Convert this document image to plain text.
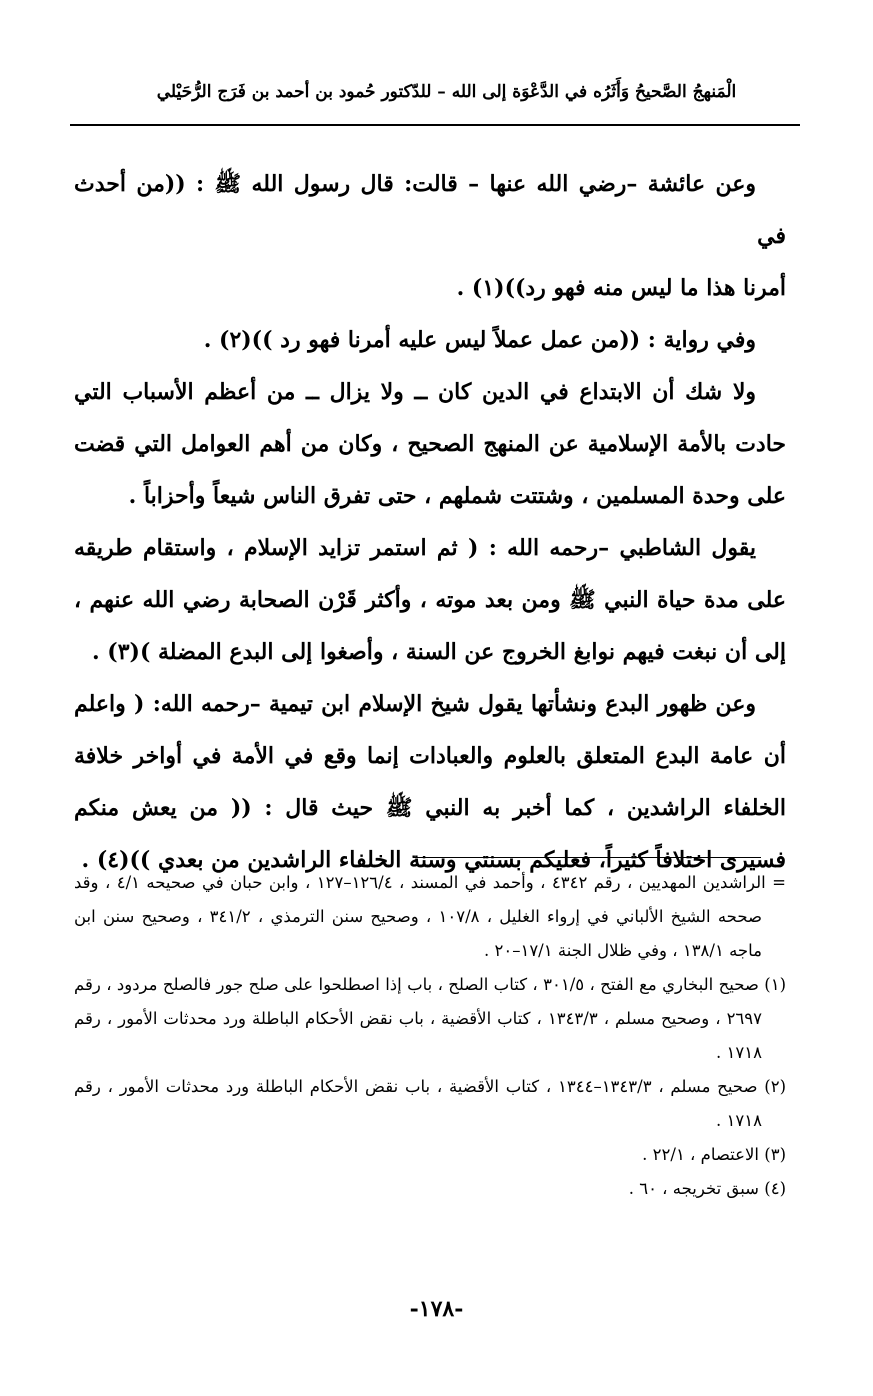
الْمَنهجُ الصَّحيحُ وَأَثَرُه في الدَّعْوَة إلى الله – للدّكتور حُمود بن أحمد بن فَرَج الرُّحَيْلي

وعن عائشة –رضي الله عنها – قالت: قال رسول الله ﷺ : ((من أحدث في

أمرنا هذا ما ليس منه فهو رد))(١) .

وفي رواية : ((من عمل عملاً ليس عليه أمرنا فهو رد ))(٢) .

ولا شك أن الابتداع في الدين كان ــ ولا يزال ــ من أعظم الأسباب التي حادت بالأمة الإسلامية عن المنهج الصحيح ، وكان من أهم العوامل التي قضت على وحدة المسلمين ، وشتتت شملهم ، حتى تفرق الناس شيعاً وأحزاباً .

يقول الشاطبي –رحمه الله : ( ثم استمر تزايد الإسلام ، واستقام طريقه على مدة حياة النبي ﷺ ومن بعد موته ، وأكثر قَرْن الصحابة رضي الله عنهم ، إلى أن نبغت فيهم نوابغ الخروج عن السنة ، وأصغوا إلى البدع المضلة )(٣) .

وعن ظهور البدع ونشأتها يقول شيخ الإسلام ابن تيمية –رحمه الله: ( واعلم أن عامة البدع المتعلق بالعلوم والعبادات إنما وقع في الأمة في أواخر خلافة الخلفاء الراشدين ، كما أخبر به النبي ﷺ حيث قال : (( من يعش منكم فسيرى اختلافاً كثيراً، فعليكم بسنتي وسنة الخلفاء الراشدين من بعدي ))(٤) .

= الراشدين المهديين ، رقم ٤٣٤٢ ، وأحمد في المسند ، ١٢٦/٤–١٢٧ ، وابن حبان في صحيحه ٤/١ ، وقد صححه الشيخ الألباني في إرواء الغليل ، ١٠٧/٨ ، وصحيح سنن الترمذي ، ٣٤١/٢ ، وصحيح سنن ابن ماجه ١٣٨/١ ، وفي ظلال الجنة ١٧/١–٢٠ .

(١) صحيح البخاري مع الفتح ، ٣٠١/٥ ، كتاب الصلح ، باب إذا اصطلحوا على صلح جور فالصلح مردود ، رقم ٢٦٩٧ ، وصحيح مسلم ، ١٣٤٣/٣ ، كتاب الأقضية ، باب نقض الأحكام الباطلة ورد محدثات الأمور ، رقم ١٧١٨ .

(٢) صحيح مسلم ، ١٣٤٣/٣–١٣٤٤ ، كتاب الأقضية ، باب نقض الأحكام الباطلة ورد محدثات الأمور ، رقم ١٧١٨ .

(٣) الاعتصام ، ٢٢/١ .

(٤) سبق تخريجه ، ٦٠ .

-١٧٨-
